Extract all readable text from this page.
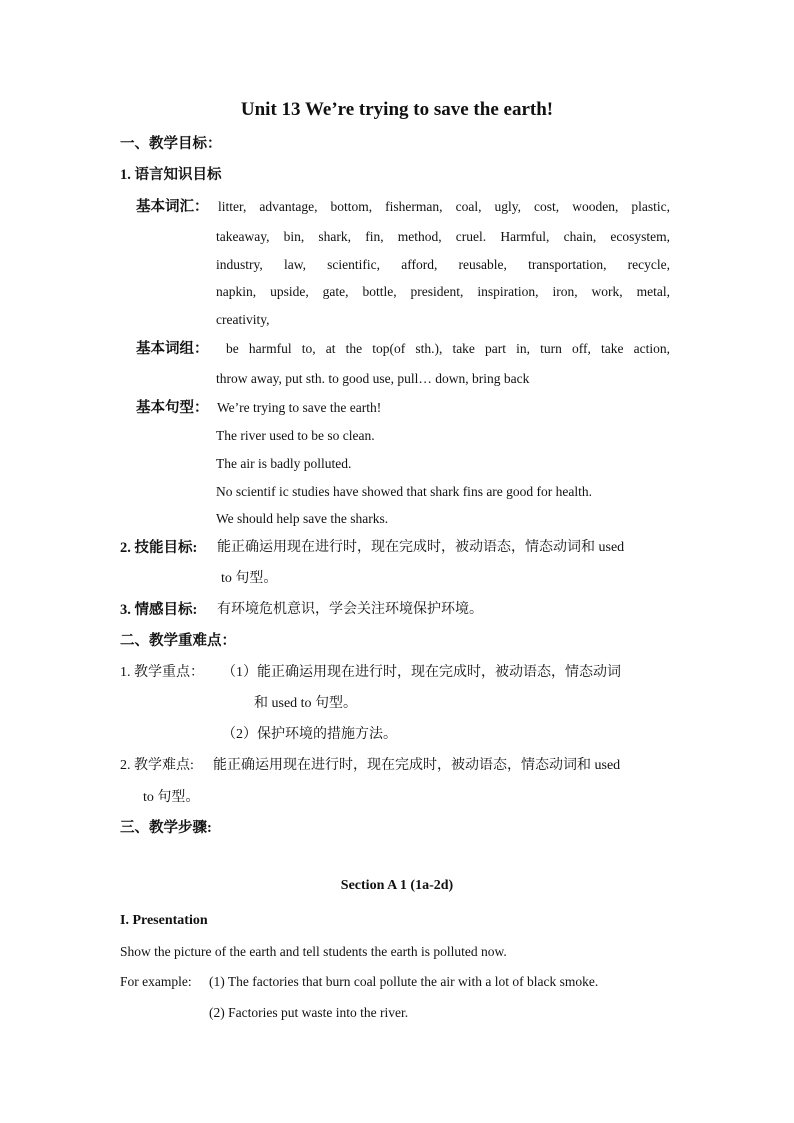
Unit 13 We’re trying to save the earth!
一、教学目标：
1. 语言知识目标
基本词汇： litter, advantage, bottom, fisherman, coal, ugly, cost, wooden, plastic,
takeaway, bin, shark, fin, method, cruel. Harmful, chain, ecosystem,
industry, law, scientific, afford, reusable, transportation, recycle,
napkin, upside, gate, bottle, president, inspiration, iron, work, metal,
creativity,
基本词组： be harmful to, at the top(of sth.), take part in, turn off, take action,
throw away, put sth. to good use, pull… down, bring back
基本句型： We’re trying to save the earth!
The river used to be so clean.
The air is badly polluted.
No scientif ic studies have showed that shark fins are good for health.
We should help save the sharks.
2. 技能目标: 能正确运用现在进行时，现在完成时，被动语态，情态动词和 used
to 句型。
3. 情感目标: 有环境危机意识，学会关注环境保护环境。
二、教学重难点：
1. 教学重点： （1）能正确运用现在进行时，现在完成时，被动语态，情态动词
和 used to 句型。
（2）保护环境的措施方法。
2. 教学难点: 能正确运用现在进行时，现在完成时，被动语态，情态动词和 used
to 句型。
三、教学步骤:
Section A 1 (1a-2d)
I. Presentation
Show the picture of the earth and tell students the earth is polluted now.
For example: (1) The factories that burn coal pollute the air with a lot of black smoke.
(2) Factories put waste into the river.
